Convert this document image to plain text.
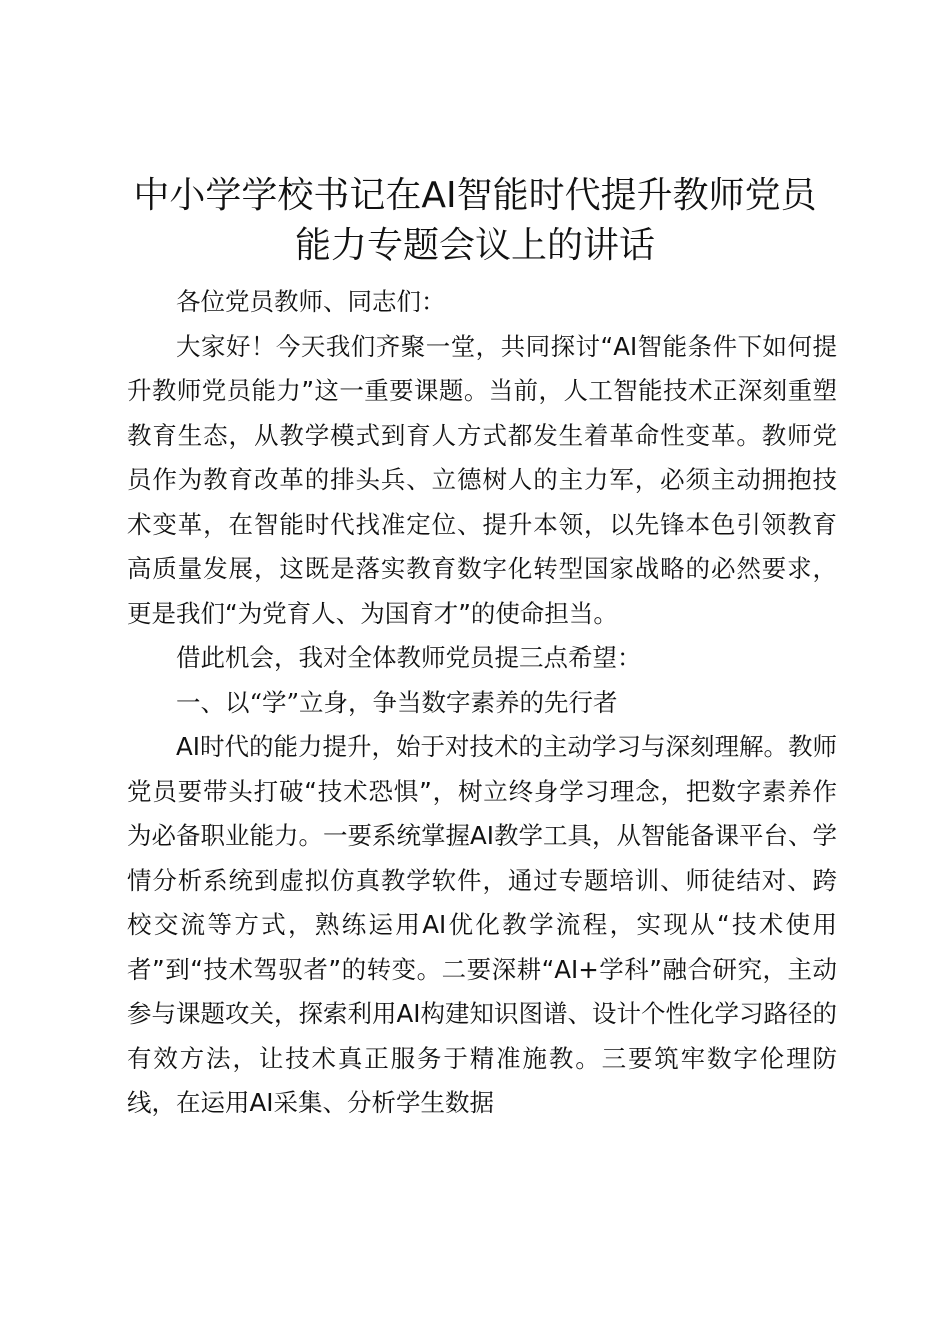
中小学学校书记在AI智能时代提升教师党员
能力专题会议上的讲话

各位党员教师、同志们：

大家好！今天我们齐聚一堂，共同探讨“AI智能条件下如何提升教师党员能力”这一重要课题。当前，人工智能技术正深刻重塑教育生态，从教学模式到育人方式都发生着革命性变革。教师党员作为教育改革的排头兵、立德树人的主力军，必须主动拥抱技术变革，在智能时代找准定位、提升本领，以先锋本色引领教育高质量发展，这既是落实教育数字化转型国家战略的必然要求，更是我们“为党育人、为国育才”的使命担当。

借此机会，我对全体教师党员提三点希望：

一、以“学”立身，争当数字素养的先行者

AI时代的能力提升，始于对技术的主动学习与深刻理解。教师党员要带头打破“技术恐惧”，树立终身学习理念，把数字素养作为必备职业能力。一要系统掌握AI教学工具，从智能备课平台、学情分析系统到虚拟仿真教学软件，通过专题培训、师徒结对、跨校交流等方式，熟练运用AI优化教学流程，实现从“技术使用者”到“技术驾驭者”的转变。二要深耕“AI+学科”融合研究，主动参与课题攻关，探索利用AI构建知识图谱、设计个性化学习路径的有效方法，让技术真正服务于精准施教。三要筑牢数字伦理防线，在运用AI采集、分析学生数据
